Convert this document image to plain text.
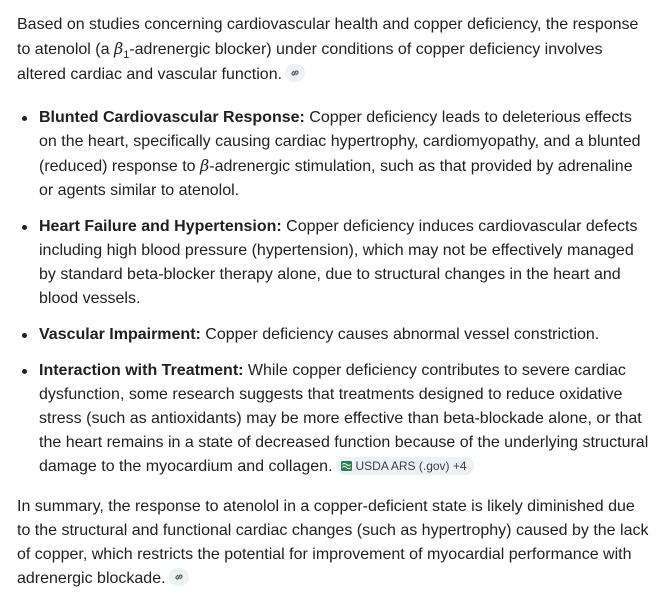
Based on studies concerning cardiovascular health and copper deficiency, the response to atenolol (a $\beta_1$-adrenergic blocker) under conditions of copper deficiency involves altered cardiac and vascular function.

Blunted Cardiovascular Response: Copper deficiency leads to deleterious effects on the heart, specifically causing cardiac hypertrophy, cardiomyopathy, and a blunted (reduced) response to β-adrenergic stimulation, such as that provided by adrenaline or agents similar to atenolol.
Heart Failure and Hypertension: Copper deficiency induces cardiovascular defects including high blood pressure (hypertension), which may not be effectively managed by standard beta-blocker therapy alone, due to structural changes in the heart and blood vessels.
Vascular Impairment: Copper deficiency causes abnormal vessel constriction.
Interaction with Treatment: While copper deficiency contributes to severe cardiac dysfunction, some research suggests that treatments designed to reduce oxidative stress (such as antioxidants) may be more effective than beta-blockade alone, or that the heart remains in a state of decreased function because of the underlying structural damage to the myocardium and collagen. USDA ARS (.gov) +4

In summary, the response to atenolol in a copper-deficient state is likely diminished due to the structural and functional cardiac changes (such as hypertrophy) caused by the lack of copper, which restricts the potential for improvement of myocardial performance with adrenergic blockade.
